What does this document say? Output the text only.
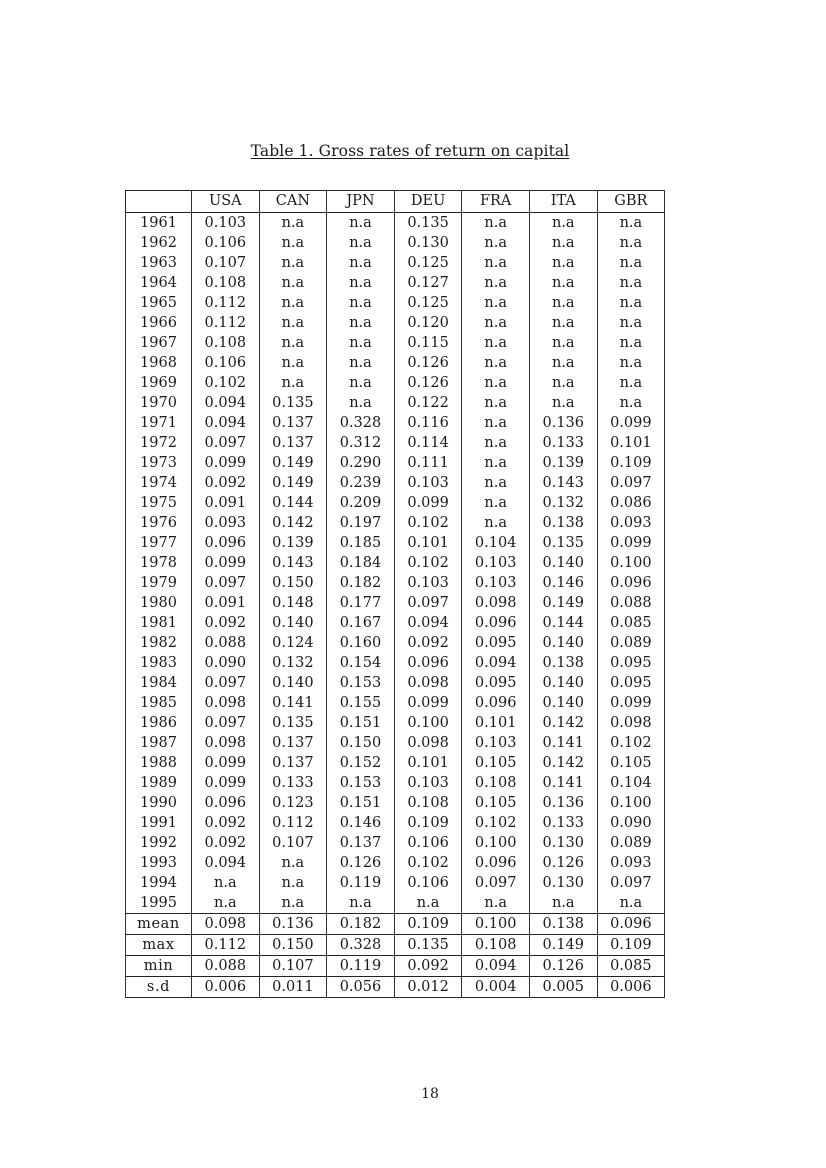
Table 1. Gross rates of return on capital
	USA	CAN	JPN	DEU	FRA	ITA	GBR
1961	0.103	n.a	n.a	0.135	n.a	n.a	n.a
1962	0.106	n.a	n.a	0.130	n.a	n.a	n.a
1963	0.107	n.a	n.a	0.125	n.a	n.a	n.a
1964	0.108	n.a	n.a	0.127	n.a	n.a	n.a
1965	0.112	n.a	n.a	0.125	n.a	n.a	n.a
1966	0.112	n.a	n.a	0.120	n.a	n.a	n.a
1967	0.108	n.a	n.a	0.115	n.a	n.a	n.a
1968	0.106	n.a	n.a	0.126	n.a	n.a	n.a
1969	0.102	n.a	n.a	0.126	n.a	n.a	n.a
1970	0.094	0.135	n.a	0.122	n.a	n.a	n.a
1971	0.094	0.137	0.328	0.116	n.a	0.136	0.099
1972	0.097	0.137	0.312	0.114	n.a	0.133	0.101
1973	0.099	0.149	0.290	0.111	n.a	0.139	0.109
1974	0.092	0.149	0.239	0.103	n.a	0.143	0.097
1975	0.091	0.144	0.209	0.099	n.a	0.132	0.086
1976	0.093	0.142	0.197	0.102	n.a	0.138	0.093
1977	0.096	0.139	0.185	0.101	0.104	0.135	0.099
1978	0.099	0.143	0.184	0.102	0.103	0.140	0.100
1979	0.097	0.150	0.182	0.103	0.103	0.146	0.096
1980	0.091	0.148	0.177	0.097	0.098	0.149	0.088
1981	0.092	0.140	0.167	0.094	0.096	0.144	0.085
1982	0.088	0.124	0.160	0.092	0.095	0.140	0.089
1983	0.090	0.132	0.154	0.096	0.094	0.138	0.095
1984	0.097	0.140	0.153	0.098	0.095	0.140	0.095
1985	0.098	0.141	0.155	0.099	0.096	0.140	0.099
1986	0.097	0.135	0.151	0.100	0.101	0.142	0.098
1987	0.098	0.137	0.150	0.098	0.103	0.141	0.102
1988	0.099	0.137	0.152	0.101	0.105	0.142	0.105
1989	0.099	0.133	0.153	0.103	0.108	0.141	0.104
1990	0.096	0.123	0.151	0.108	0.105	0.136	0.100
1991	0.092	0.112	0.146	0.109	0.102	0.133	0.090
1992	0.092	0.107	0.137	0.106	0.100	0.130	0.089
1993	0.094	n.a	0.126	0.102	0.096	0.126	0.093
1994	n.a	n.a	0.119	0.106	0.097	0.130	0.097
1995	n.a	n.a	n.a	n.a	n.a	n.a	n.a
mean	0.098	0.136	0.182	0.109	0.100	0.138	0.096
max	0.112	0.150	0.328	0.135	0.108	0.149	0.109
min	0.088	0.107	0.119	0.092	0.094	0.126	0.085
s.d	0.006	0.011	0.056	0.012	0.004	0.005	0.006
18
